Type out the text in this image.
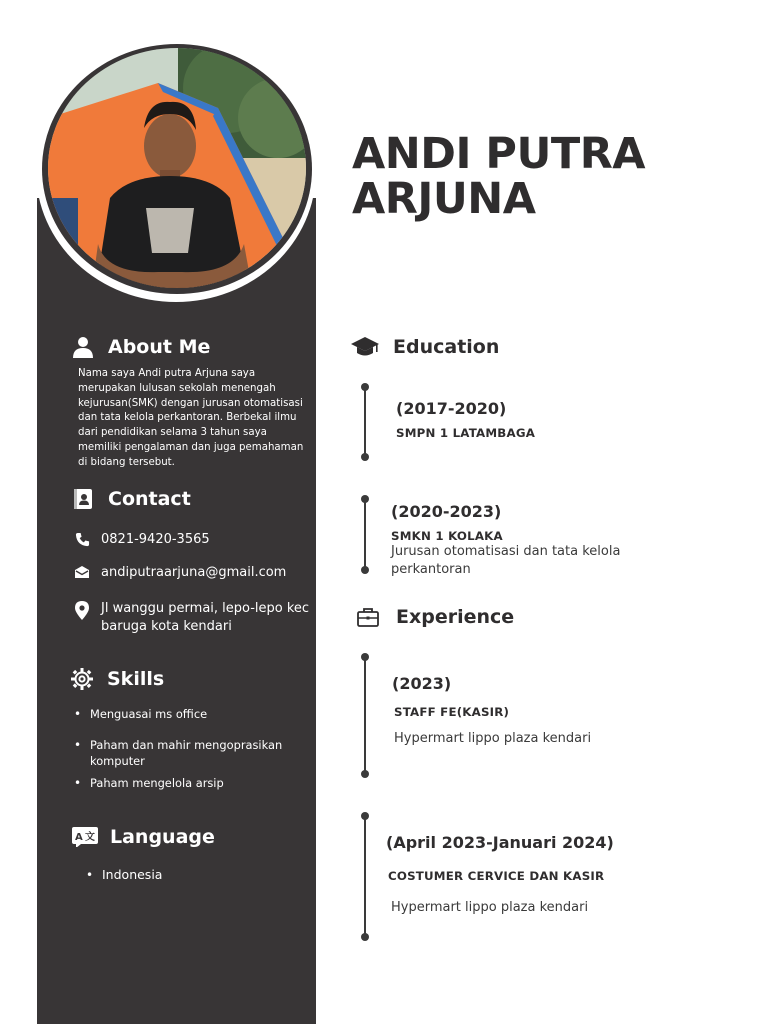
ANDI PUTRA
ARJUNA
About Me

Nama saya Andi putra Arjuna saya merupakan lulusan sekolah menengah kejurusan(SMK) dengan jurusan otomatisasi dan tata kelola perkantoran. Berbekal ilmu dari pendidikan selama 3 tahun saya memiliki pengalaman dan juga pemahaman di bidang tersebut.

Contact
0821-9420-3565
andiputraarjuna@gmail.com
Jl wanggu permai, lepo-lepo kec baruga kota kendari
Skills
• Menguasai ms office
• Paham dan mahir mengoprasikan komputer
• Paham mengelola arsip
A 文 Language
• Indonesia
Education
(2017-2020)
SMPN 1 LATAMBAGA
(2020-2023)
SMKN 1 KOLAKA
Jurusan otomatisasi dan tata kelola perkantoran
Experience
(2023)
STAFF FE(KASIR)
Hypermart lippo plaza kendari
(April 2023-Januari 2024)
COSTUMER CERVICE DAN KASIR
Hypermart lippo plaza kendari
